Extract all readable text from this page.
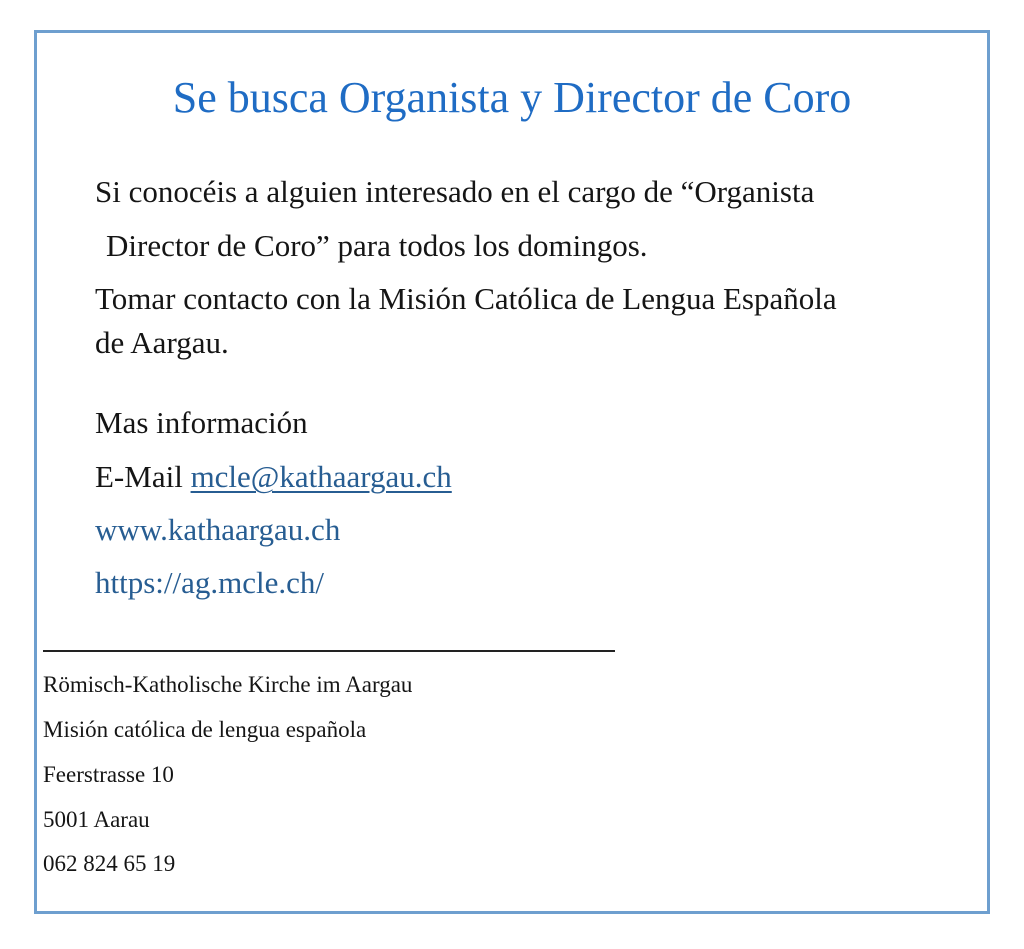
Se busca Organista y Director de Coro
Si conocéis a alguien interesado en el cargo de “Organista
Director de Coro” para todos los domingos.
Tomar contacto con la Misión Católica de Lengua Española
de Aargau.
Mas información
E-Mail mcle@kathaargau.ch
www.kathaargau.ch
https://ag.mcle.ch/
Römisch-Katholische Kirche im Aargau
Misión católica de lengua española
Feerstrasse 10
5001 Aarau
062 824 65 19
